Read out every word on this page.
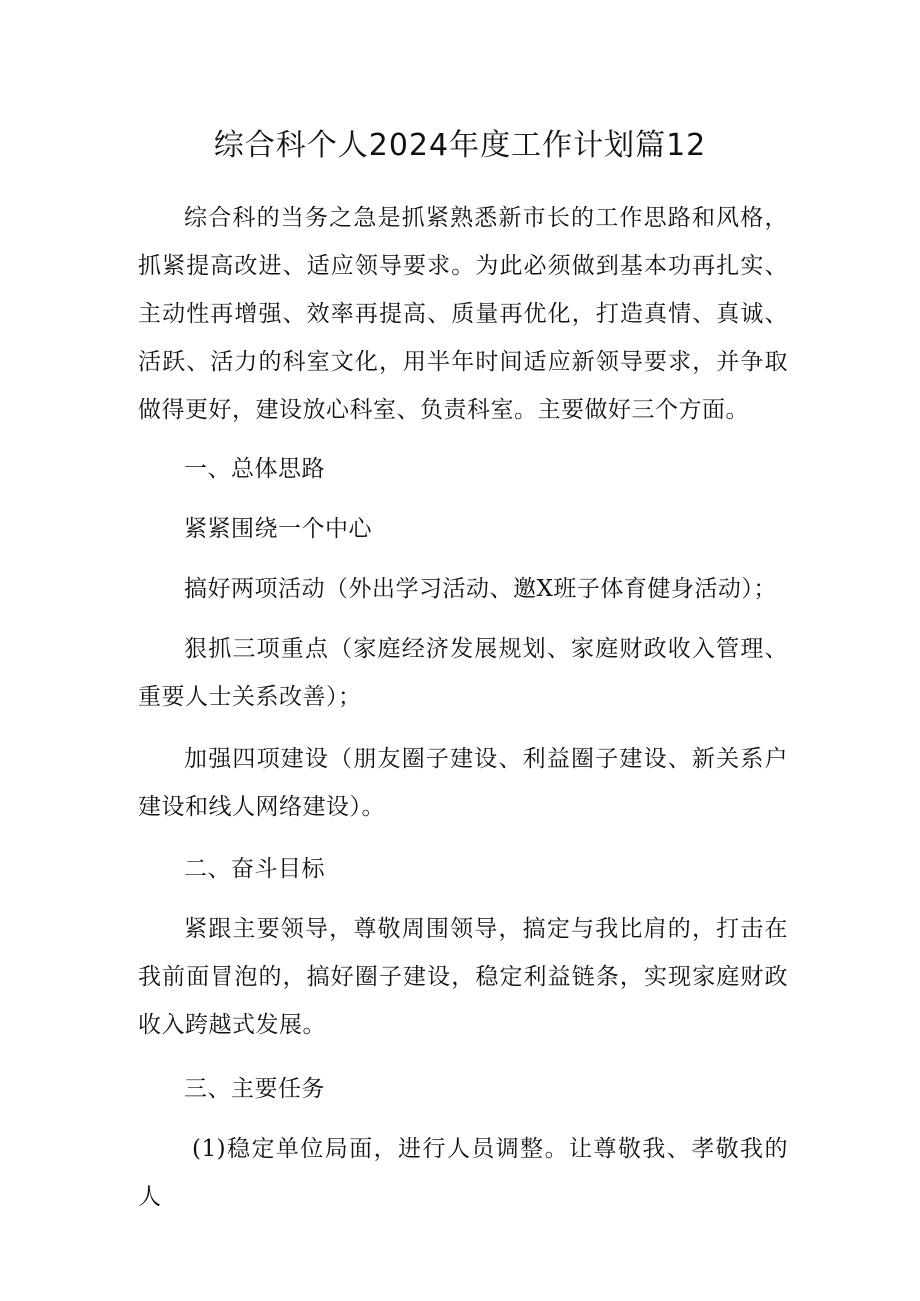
综合科个人2024年度工作计划篇12

综合科的当务之急是抓紧熟悉新市长的工作思路和风格，抓紧提高改进、适应领导要求。为此必须做到基本功再扎实、主动性再增强、效率再提高、质量再优化，打造真情、真诚、活跃、活力的科室文化，用半年时间适应新领导要求，并争取做得更好，建设放心科室、负责科室。主要做好三个方面。

一、总体思路

紧紧围绕一个中心

搞好两项活动（外出学习活动、邀X班子体育健身活动）；

狠抓三项重点（家庭经济发展规划、家庭财政收入管理、重要人士关系改善）；

加强四项建设（朋友圈子建设、利益圈子建设、新关系户建设和线人网络建设）。

二、奋斗目标

紧跟主要领导，尊敬周围领导，搞定与我比肩的，打击在我前面冒泡的，搞好圈子建设，稳定利益链条，实现家庭财政收入跨越式发展。

三、主要任务

(1)稳定单位局面，进行人员调整。让尊敬我、孝敬我的人
